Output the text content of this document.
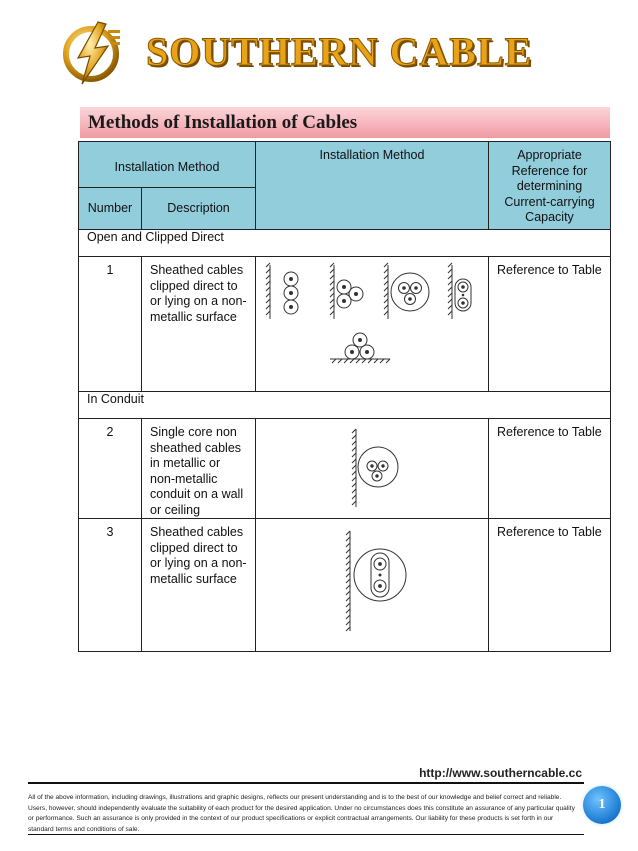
SOUTHERN CABLE
Methods of Installation of Cables
Installation Method		Installation Method	Appropriate Reference for determining Current-carrying Capacity
Number	Description		
Open and Clipped Direct			
1	Sheathed cables clipped direct to or lying on a non-metallic surface		Reference to Table
In Conduit			
2	Single core non sheathed cables in metallic or non-metallic conduit on a wall or ceiling		Reference to Table
3	Sheathed cables clipped direct to or lying on a non-metallic surface		Reference to Table
http://www.southerncable.cc
All of the above information, including drawings, illustrations and graphic designs, reflects our present understanding and is to the best of our knowledge and belief correct and reliable. Users, however, should independently evaluate the suitability of each product for the desired application. Under no circumstances does this constitute an assurance of any particular quality or performance. Such an assurance is only provided in the context of our product specifications or explicit contractual arrangements. Our liability for these products is set forth in our standard terms and conditions of sale.
1
